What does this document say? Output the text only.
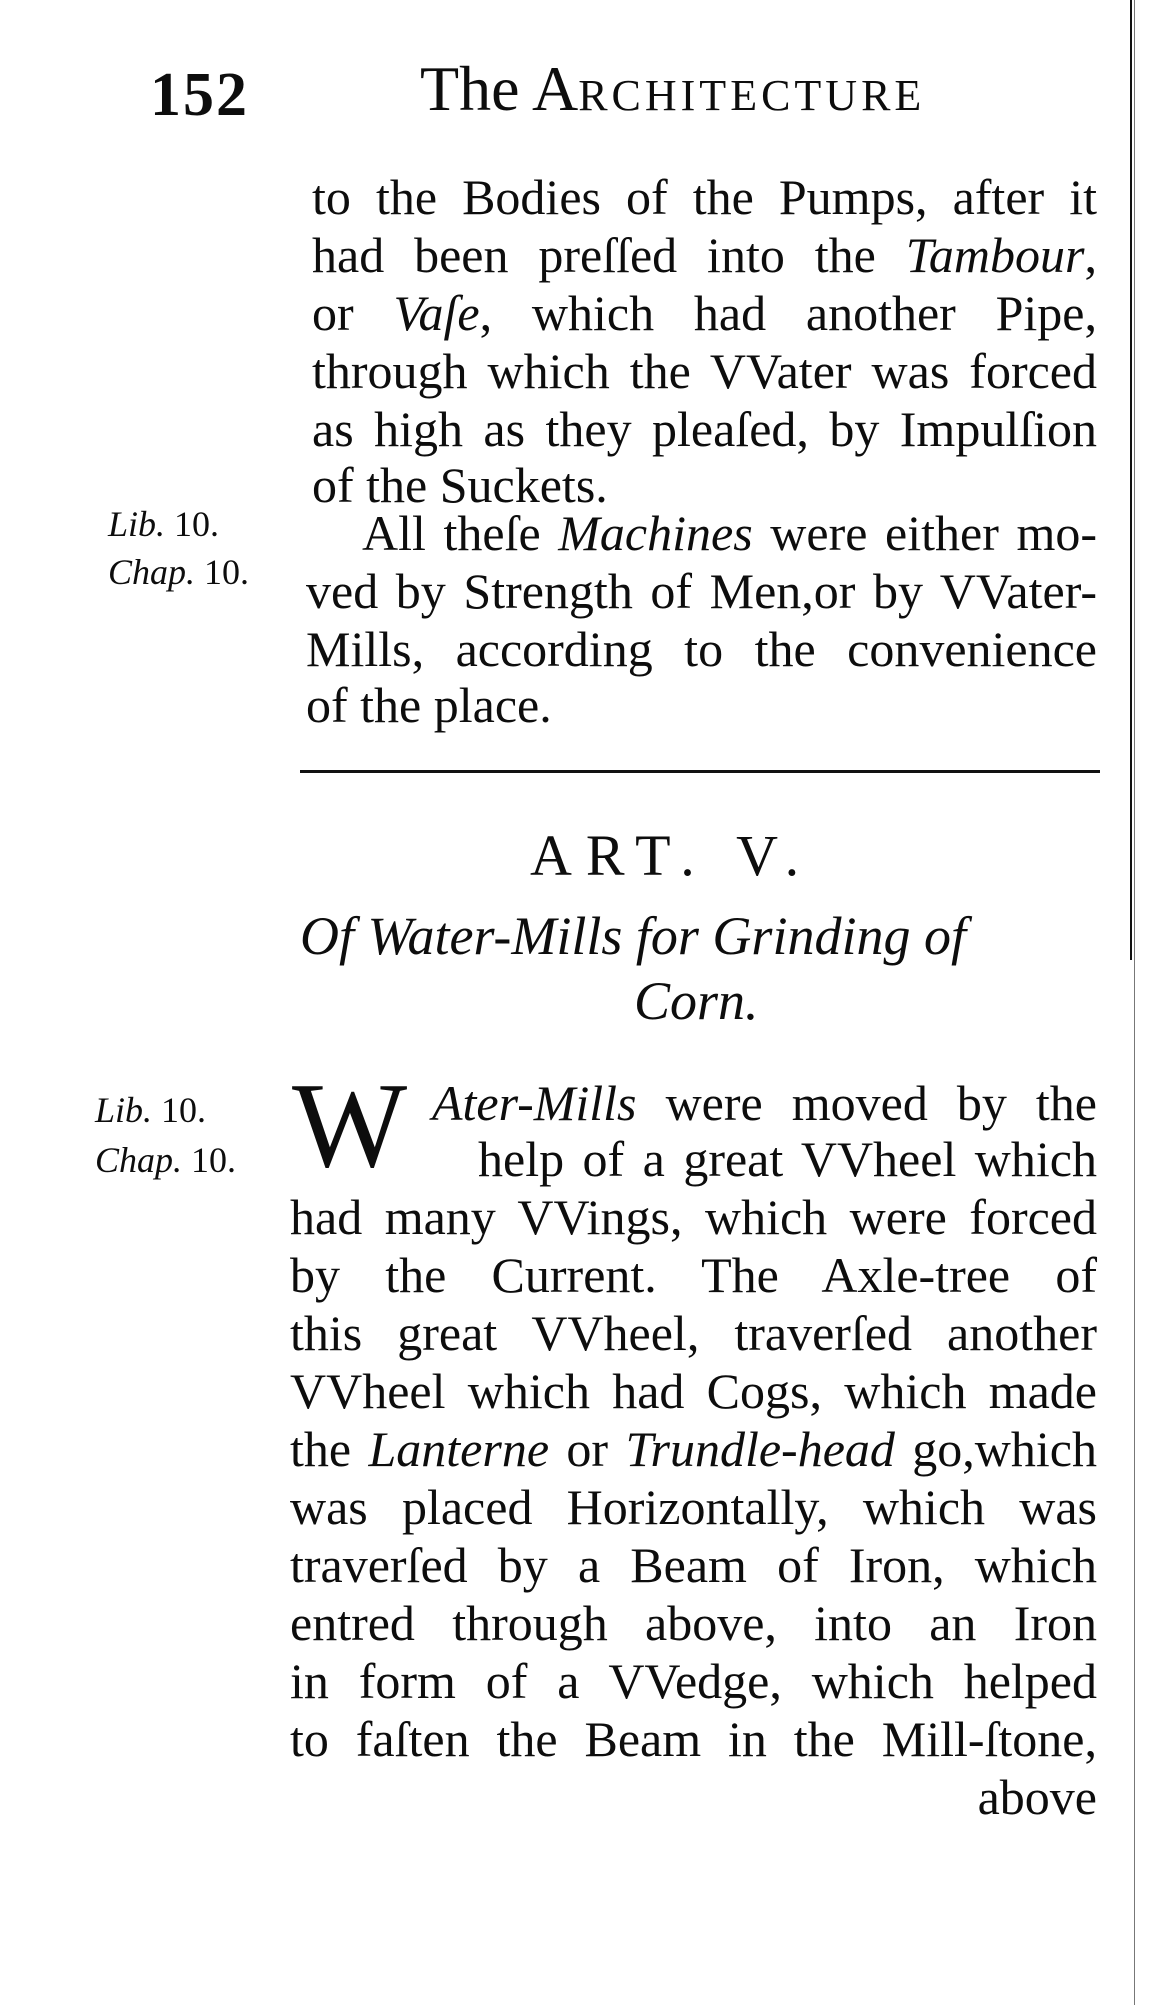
152	The ARCHITECTURE
to the Bodies of the Pumps, after it
had been preſſed into the Tambour,
or Vaſe, which had another Pipe,
through which the VVater was forced
as high as they pleaſed, by Impulſion
of the Suckets.
Lib. 10.
Chap. 10.
All theſe Machines were either mo-
ved by Strength of Men,or by VVater-
Mills, according to the convenience
of the place.
ART. V.
Of Water-Mills for Grinding of
Corn.
Lib. 10.
Chap. 10. W Ater-Mills were moved by the
help of a great VVheel which
had many VVings, which were forced
by the Current. The Axle-tree of
this great VVheel, traverſed another
VVheel which had Cogs, which made
the Lanterne or Trundle-head go,which
was placed Horizontally, which was
traverſed by a Beam of Iron, which
entred through above, into an Iron
in form of a VVedge, which helped
to faſten the Beam in the Mill-ſtone,
above
